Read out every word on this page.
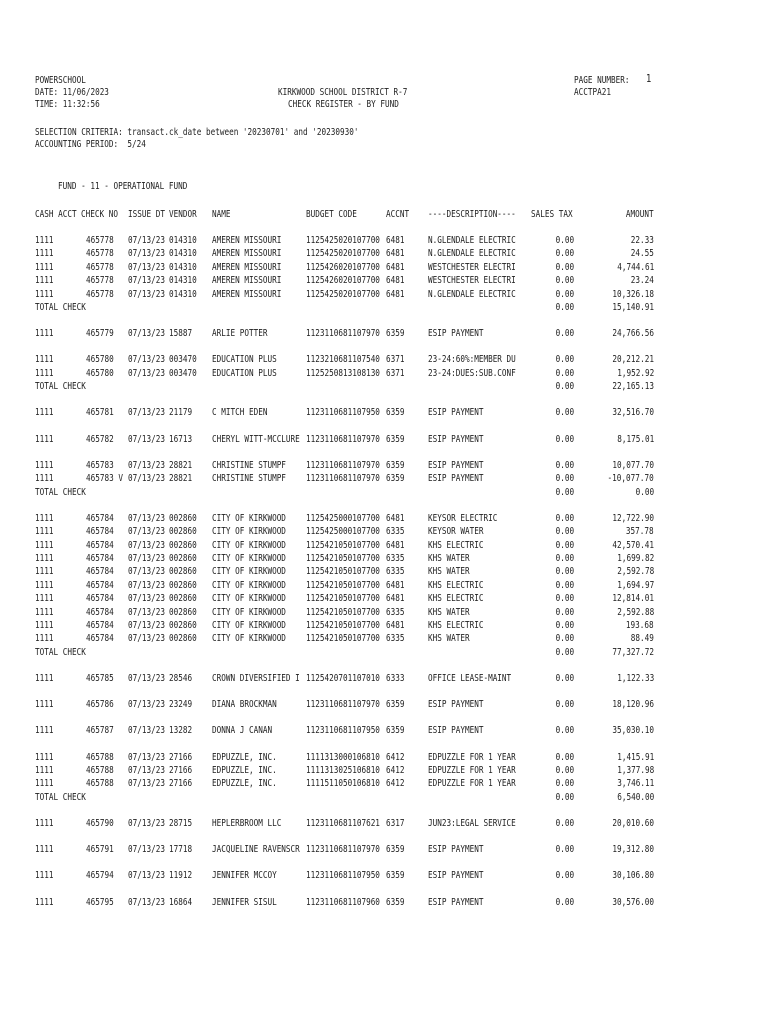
POWERSCHOOL
DATE: 11/06/2023
TIME: 11:32:56
KIRKWOOD SCHOOL DISTRICT R-7
CHECK REGISTER - BY FUND
PAGE NUMBER: 1
ACCTPA21
SELECTION CRITERIA: transact.ck_date between '20230701' and '20230930'
ACCOUNTING PERIOD:  5/24
FUND - 11 - OPERATIONAL FUND
CASH ACCT CHECK NO ISSUE DT VENDOR NAME	BUDGET CODE	ACCNT ----DESCRIPTION---- SALES TAX	AMOUNT
1111	465778 07/13/23 014310 AMEREN MISSOURI	1125425020107700 6481 N.GLENDALE ELECTRIC	0.00	22.33
1111	465778 07/13/23 014310 AMEREN MISSOURI	1125425020107700 6481 N.GLENDALE ELECTRIC	0.00	24.55
1111	465778 07/13/23 014310 AMEREN MISSOURI	1125426020107700 6481 WESTCHESTER ELECTRI	0.00	4,744.61
1111	465778 07/13/23 014310 AMEREN MISSOURI	1125426020107700 6481 WESTCHESTER ELECTRI	0.00	23.24
1111	465778 07/13/23 014310 AMEREN MISSOURI	1125425020107700 6481 N.GLENDALE ELECTRIC	0.00	10,326.18
TOTAL CHECK	0.00	15,140.91
1111	465779 07/13/23 15887 ARLIE POTTER	1123110681107970 6359 ESIP PAYMENT	0.00	24,766.56
1111	465780 07/13/23 003470 EDUCATION PLUS	1123210681107540 6371 23-24:60%:MEMBER DU	0.00	20,212.21
1111	465780 07/13/23 003470 EDUCATION PLUS	1125250813108130 6371 23-24:DUES:SUB.CONF	0.00	1,952.92
TOTAL CHECK	0.00	22,165.13
1111	465781 07/13/23 21179 C MITCH EDEN	1123110681107950 6359 ESIP PAYMENT	0.00	32,516.70
1111	465782 07/13/23 16713 CHERYL WITT-MCCLURE 1123110681107970 6359 ESIP PAYMENT	0.00	8,175.01
1111	465783 07/13/23 28821 CHRISTINE STUMPF 1123110681107970 6359 ESIP PAYMENT	0.00	10,077.70
1111	465783 V 07/13/23 28821 CHRISTINE STUMPF 1123110681107970 6359 ESIP PAYMENT	0.00	-10,077.70
TOTAL CHECK	0.00	0.00
1111	465784 07/13/23 002860 CITY OF KIRKWOOD 1125425000107700 6481 KEYSOR ELECTRIC	0.00	12,722.90
1111	465784 07/13/23 002860 CITY OF KIRKWOOD 1125425000107700 6335 KEYSOR WATER	0.00	357.78
1111	465784 07/13/23 002860 CITY OF KIRKWOOD 1125421050107700 6481 KHS ELECTRIC	0.00	42,570.41
1111	465784 07/13/23 002860 CITY OF KIRKWOOD 1125421050107700 6335 KHS WATER	0.00	1,699.82
1111	465784 07/13/23 002860 CITY OF KIRKWOOD 1125421050107700 6335 KHS WATER	0.00	2,592.78
1111	465784 07/13/23 002860 CITY OF KIRKWOOD 1125421050107700 6481 KHS ELECTRIC	0.00	1,694.97
1111	465784 07/13/23 002860 CITY OF KIRKWOOD 1125421050107700 6481 KHS ELECTRIC	0.00	12,814.01
1111	465784 07/13/23 002860 CITY OF KIRKWOOD 1125421050107700 6335 KHS WATER	0.00	2,592.88
1111	465784 07/13/23 002860 CITY OF KIRKWOOD 1125421050107700 6481 KHS ELECTRIC	0.00	193.68
1111	465784 07/13/23 002860 CITY OF KIRKWOOD 1125421050107700 6335 KHS WATER	0.00	88.49
TOTAL CHECK	0.00	77,327.72
1111	465785 07/13/23 28546 CROWN DIVERSIFIED I 1125420701107010 6333 OFFICE LEASE-MAINT	0.00	1,122.33
1111	465786 07/13/23 23249 DIANA BROCKMAN	1123110681107970 6359 ESIP PAYMENT	0.00	18,120.96
1111	465787 07/13/23 13282 DONNA J CANAN	1123110681107950 6359 ESIP PAYMENT	0.00	35,030.10
1111	465788 07/13/23 27166 EDPUZZLE, INC.	1111313000106810 6412 EDPUZZLE FOR 1 YEAR	0.00	1,415.91
1111	465788 07/13/23 27166 EDPUZZLE, INC.	1111313025106810 6412 EDPUZZLE FOR 1 YEAR	0.00	1,377.98
1111	465788 07/13/23 27166 EDPUZZLE, INC.	1111511050106810 6412 EDPUZZLE FOR 1 YEAR	0.00	3,746.11
TOTAL CHECK	0.00	6,540.00
1111	465790 07/13/23 28715 HEPLERBROOM LLC	1123110681107621 6317 JUN23:LEGAL SERVICE	0.00	20,010.60
1111	465791 07/13/23 17718 JACQUELINE RAVENSCR 1123110681107970 6359 ESIP PAYMENT	0.00	19,312.80
1111	465794 07/13/23 11912 JENNIFER MCCOY	1123110681107950 6359 ESIP PAYMENT	0.00	30,106.80
1111	465795 07/13/23 16864 JENNIFER SISUL	1123110681107960 6359 ESIP PAYMENT	0.00	30,576.00
